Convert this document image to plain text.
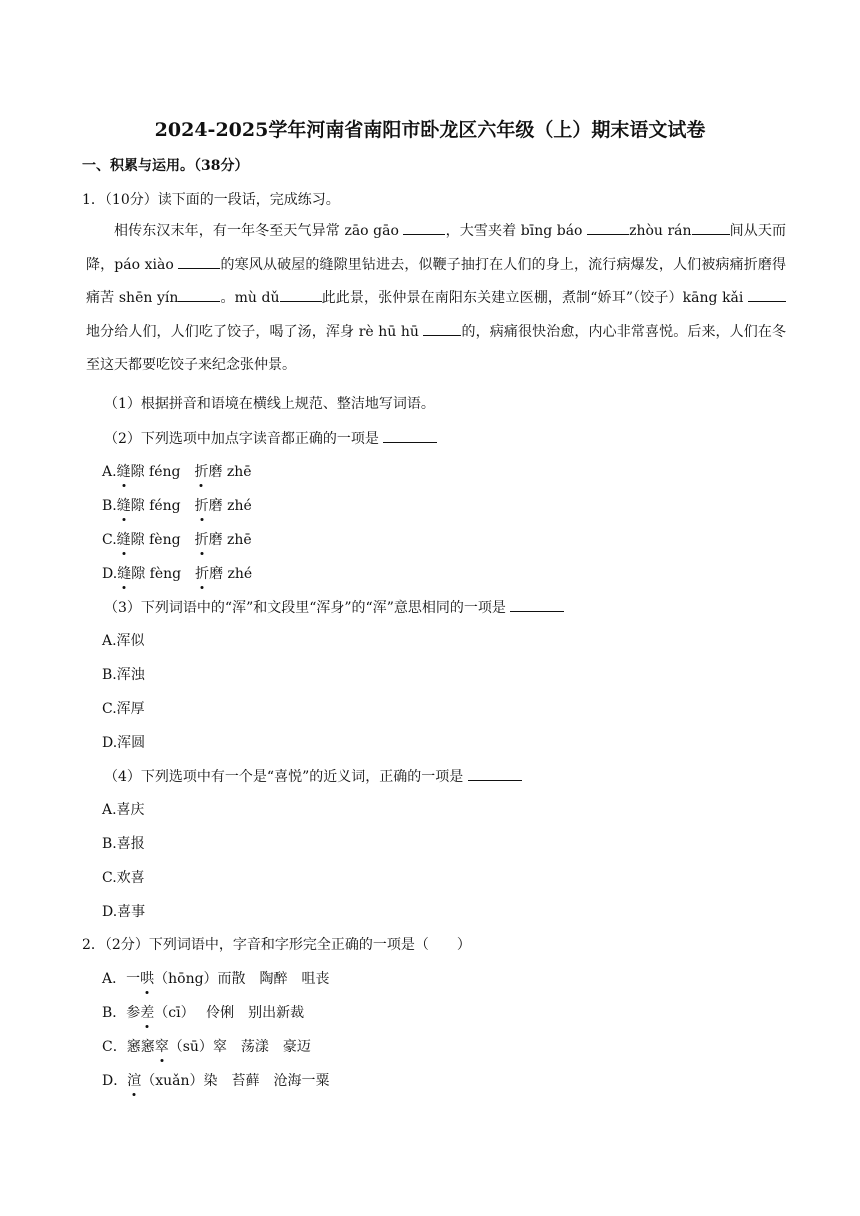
2024-2025学年河南省南阳市卧龙区六年级（上）期末语文试卷
一、积累与运用。（38分）
1．（10分）读下面的一段话，完成练习。
相传东汉末年，有一年冬至天气异常 zāo gāo	，大雪夹着 bīng báo	zhòu rán	间从天而降，páo xiào	的寒风从破屋的缝隙里钻进去，似鞭子抽打在人们的身上，流行病爆发，人们被病痛折磨得痛苦 shēn yín	。mù dǔ	此此景，张仲景在南阳东关建立医棚，煮制“娇耳”（饺子）kāng kǎi 地分给人们，人们吃了饺子，喝了汤，浑身 rè hū hū	的，病痛很快治愈，内心非常喜悦。后来，人们在冬至这天都要吃饺子来纪念张仲景。
（1）根据拼音和语境在横线上规范、整洁地写词语。
（2）下列选项中加点字读音都正确的一项是
A.缝隙 féng 折磨 zhē
B.缝隙 féng 折磨 zhé
C.缝隙 fèng 折磨 zhē
D.缝隙 fèng 折磨 zhé
（3）下列词语中的“浑”和文段里“浑身”的“浑”意思相同的一项是
A.浑似
B.浑浊
C.浑厚
D.浑圆
（4）下列选项中有一个是“喜悦”的近义词，正确的一项是
A.喜庆
B.喜报
C.欢喜
D.喜事
2．（2分）下列词语中，字音和字形完全正确的一项是（　　）
A．一哄（hōng）而散　陶醉　咀丧
B．参差（cī）　 伶俐　别出新裁
C．窸窸窣（sū）窣　荡漾　豪迈
D．渲（xuǎn）染　苔藓　沧海一粟
